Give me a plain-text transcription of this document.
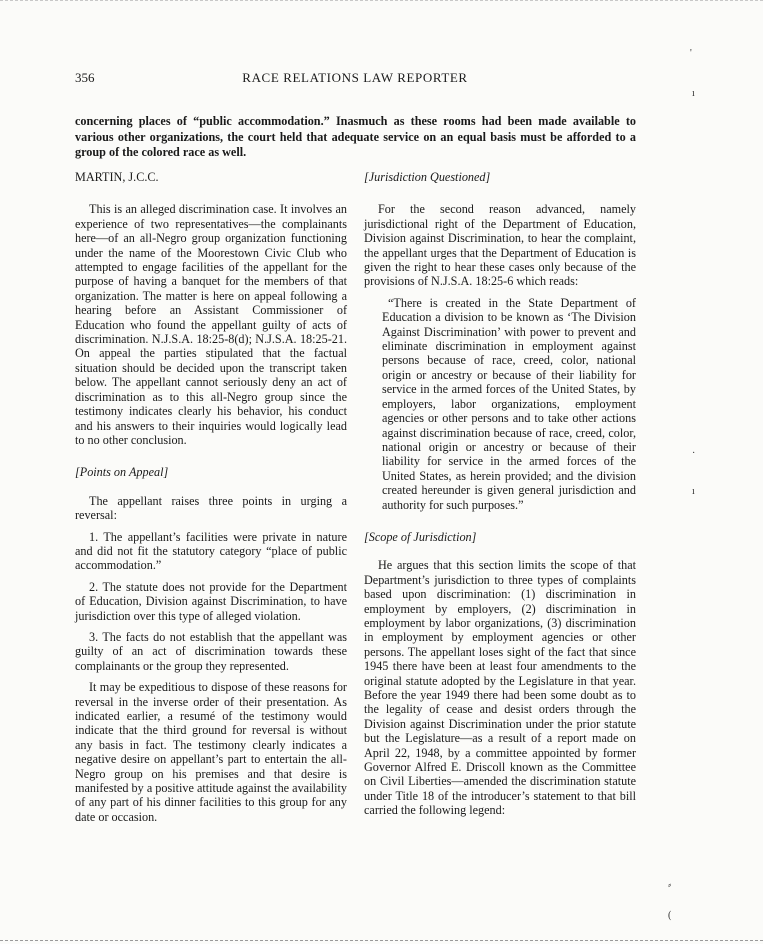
356	RACE RELATIONS LAW REPORTER

concerning places of “public accommodation.” Inasmuch as these rooms had been made available to various other organizations, the court held that adequate service on an equal basis must be afforded to a group of the colored race as well.

MARTIN, J.C.C.

This is an alleged discrimination case. It involves an experience of two representatives—the complainants here—of an all-Negro group organization functioning under the name of the Moorestown Civic Club who attempted to engage facilities of the appellant for the purpose of having a banquet for the members of that organization. The matter is here on appeal following a hearing before an Assistant Commissioner of Education who found the appellant guilty of acts of discrimination. N.J.S.A. 18:25-8(d); N.J.S.A. 18:25-21. On appeal the parties stipulated that the factual situation should be decided upon the transcript taken below. The appellant cannot seriously deny an act of discrimination as to this all-Negro group since the testimony indicates clearly his behavior, his conduct and his answers to their inquiries would logically lead to no other conclusion.

[Points on Appeal]

The appellant raises three points in urging a reversal:

1. The appellant’s facilities were private in nature and did not fit the statutory category “place of public accommodation.”

2. The statute does not provide for the Department of Education, Division against Discrimination, to have jurisdiction over this type of alleged violation.

3. The facts do not establish that the appellant was guilty of an act of discrimination towards these complainants or the group they represented.

It may be expeditious to dispose of these reasons for reversal in the inverse order of their presentation. As indicated earlier, a resumé of the testimony would indicate that the third ground for reversal is without any basis in fact. The testimony clearly indicates a negative desire on appellant’s part to entertain the all-Negro group on his premises and that desire is manifested by a positive attitude against the availability of any part of his dinner facilities to this group for any date or occasion.

[Jurisdiction Questioned]

For the second reason advanced, namely jurisdictional right of the Department of Education, Division against Discrimination, to hear the complaint, the appellant urges that the Department of Education is given the right to hear these cases only because of the provisions of N.J.S.A. 18:25-6 which reads:

“There is created in the State Department of Education a division to be known as ‘The Division Against Discrimination’ with power to prevent and eliminate discrimination in employment against persons because of race, creed, color, national origin or ancestry or because of their liability for service in the armed forces of the United States, by employers, labor organizations, employment agencies or other persons and to take other actions against discrimination because of race, creed, color, national origin or ancestry or because of their liability for service in the armed forces of the United States, as herein provided; and the division created hereunder is given general jurisdiction and authority for such purposes.”

[Scope of Jurisdiction]

He argues that this section limits the scope of that Department’s jurisdiction to three types of complaints based upon discrimination: (1) discrimination in employment by employers, (2) discrimination in employment by labor organizations, (3) discrimination in employment by employment agencies or other persons. The appellant loses sight of the fact that since 1945 there have been at least four amendments to the original statute adopted by the Legislature in that year. Before the year 1949 there had been some doubt as to the legality of cease and desist orders through the Division against Discrimination under the prior statute but the Legislature—as a result of a report made on April 22, 1948, by a committee appointed by former Governor Alfred E. Driscoll known as the Committee on Civil Liberties—amended the discrimination statute under Title 18 of the introducer’s statement to that bill carried the following legend:

'
ı
·
ı
⸗
(
